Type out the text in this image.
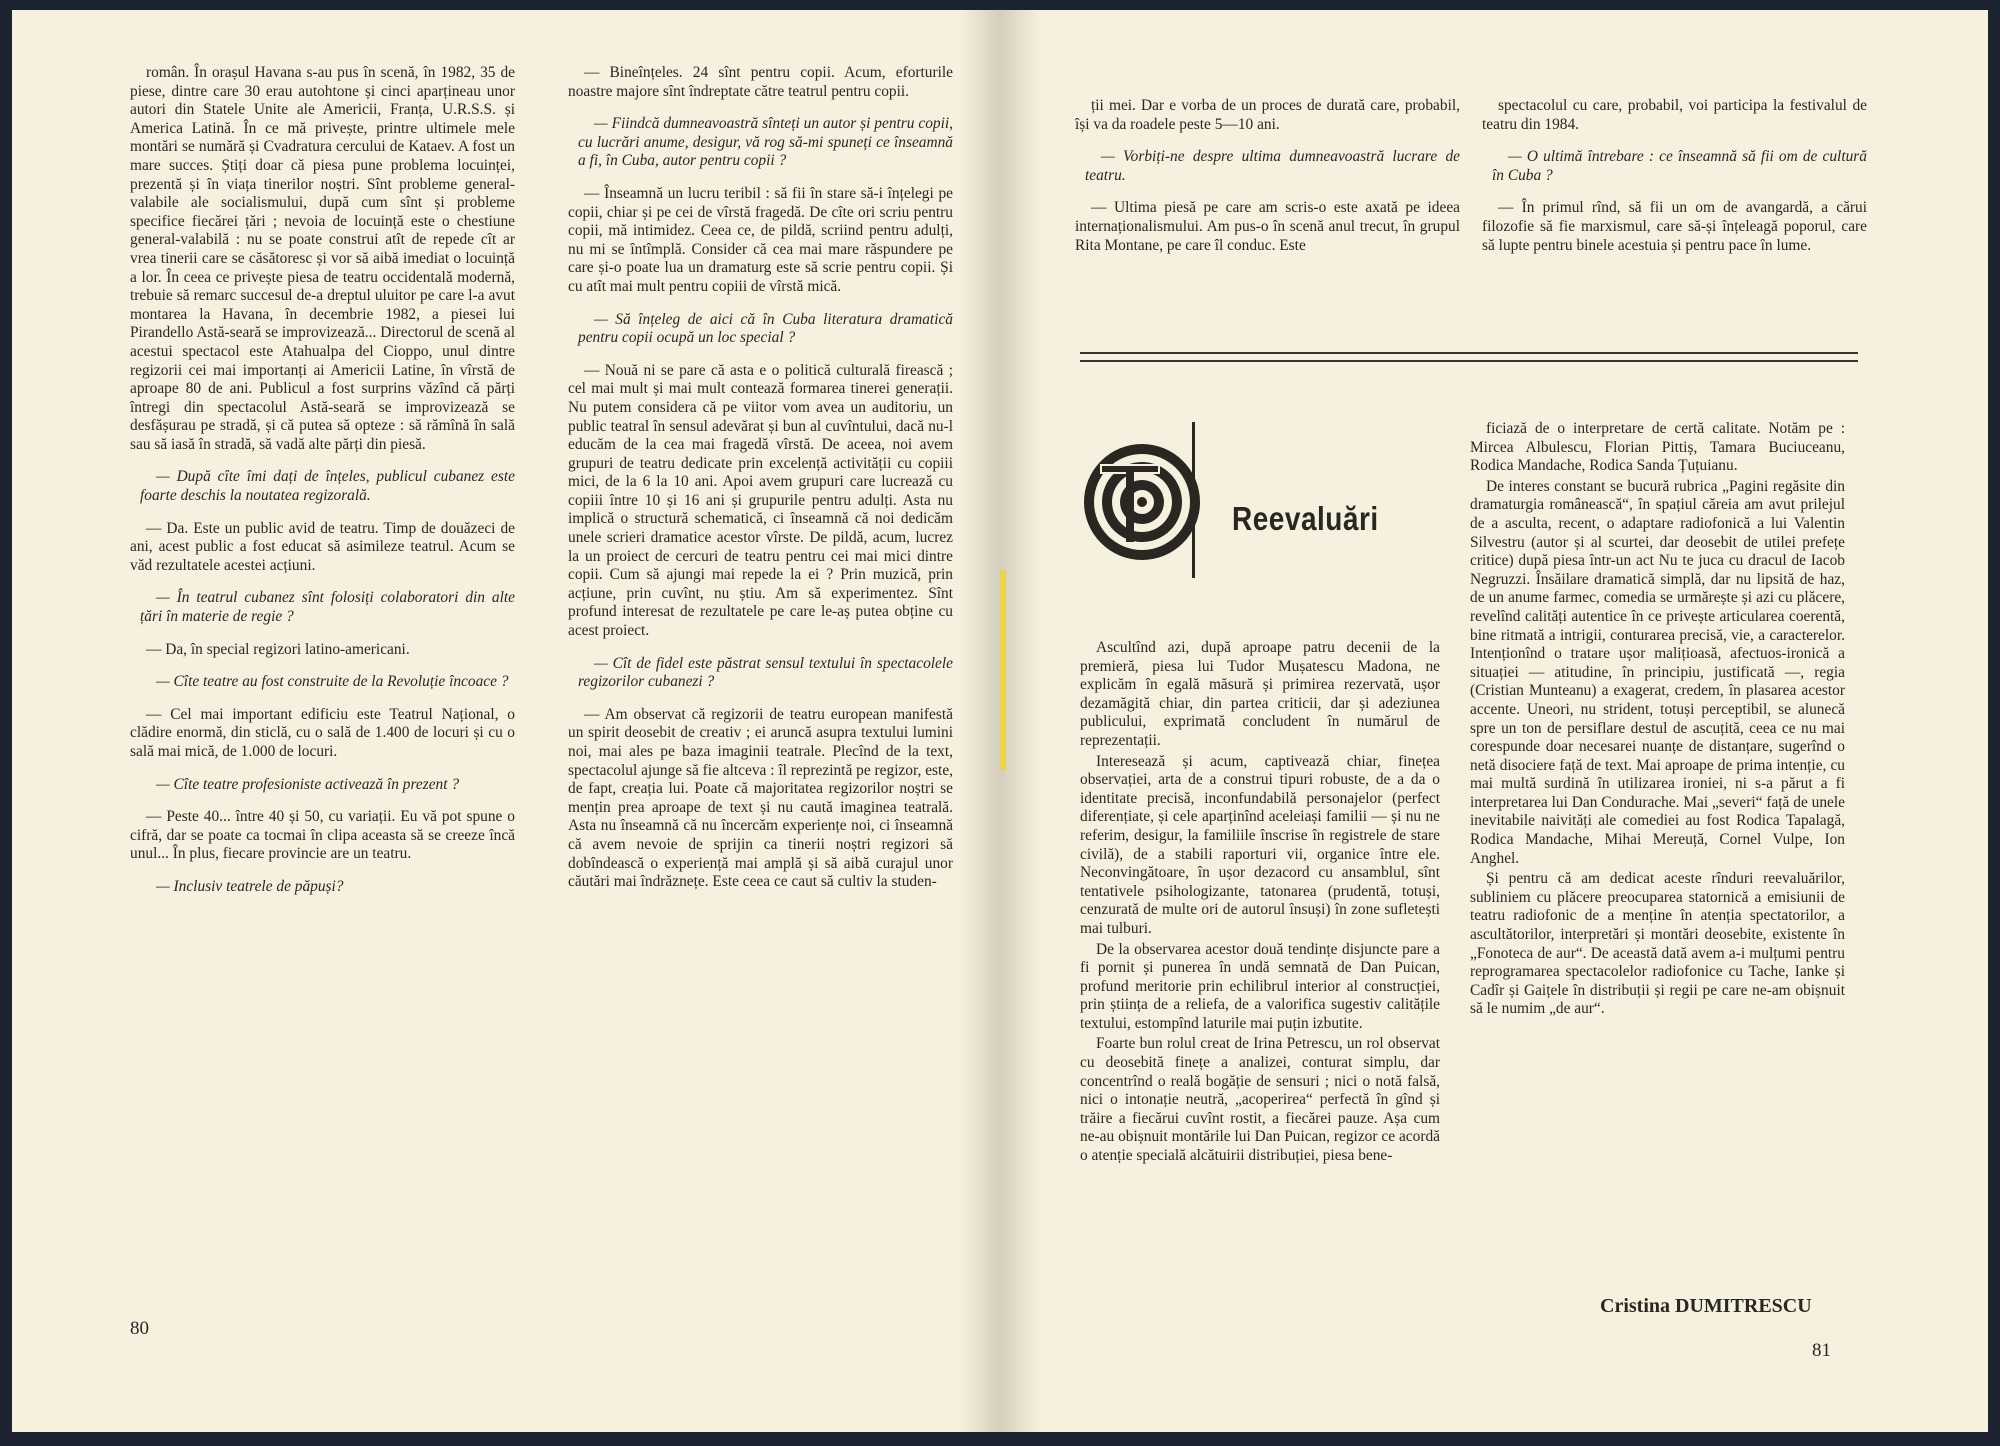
român. În orașul Havana s-au pus în scenă, în 1982, 35 de piese, dintre care 30 erau autohtone și cinci aparțineau unor autori din Statele Unite ale Americii, Franța, U.R.S.S. și America Latină. În ce mă privește, printre ultimele mele montări se numără și Cvadratura cercului de Kataev. A fost un mare succes. Știți doar că piesa pune problema locuinței, prezentă și în viața tinerilor noștri. Sînt probleme general-valabile ale socialismului, după cum sînt și probleme specifice fiecărei țări ; nevoia de locuință este o chestiune general-valabilă : nu se poate construi atît de repede cît ar vrea tinerii care se căsătoresc și vor să aibă imediat o locuință a lor. În ceea ce privește piesa de teatru occidentală modernă, trebuie să remarc succesul de-a dreptul uluitor pe care l-a avut montarea la Havana, în decembrie 1982, a piesei lui Pirandello Astă-seară se improvizează... Directorul de scenă al acestui spectacol este Atahualpa del Cioppo, unul dintre regizorii cei mai importanți ai Americii Latine, în vîrstă de aproape 80 de ani. Publicul a fost surprins văzînd că părți întregi din spectacolul Astă-seară se improvizează se desfășurau pe stradă, și că putea să opteze : să rămînă în sală sau să iasă în stradă, să vadă alte părți din piesă.

— După cîte îmi dați de înțeles, publicul cubanez este foarte deschis la noutatea regizorală.

— Da. Este un public avid de teatru. Timp de douăzeci de ani, acest public a fost educat să asimileze teatrul. Acum se văd rezultatele acestei acțiuni.

— În teatrul cubanez sînt folosiți colaboratori din alte țări în materie de regie ?

— Da, în special regizori latino-americani.

— Cîte teatre au fost construite de la Revoluție încoace ?

— Cel mai important edificiu este Teatrul Național, o clădire enormă, din sticlă, cu o sală de 1.400 de locuri și cu o sală mai mică, de 1.000 de locuri.

— Cîte teatre profesioniste activează în prezent ?

— Peste 40... între 40 și 50, cu variații. Eu vă pot spune o cifră, dar se poate ca tocmai în clipa aceasta să se creeze încă unul... În plus, fiecare provincie are un teatru.

— Inclusiv teatrele de păpuși?

— Bineînțeles. 24 sînt pentru copii. Acum, eforturile noastre majore sînt îndreptate către teatrul pentru copii.

— Fiindcă dumneavoastră sînteți un autor și pentru copii, cu lucrări anume, desigur, vă rog să-mi spuneți ce înseamnă a fi, în Cuba, autor pentru copii ?

— Înseamnă un lucru teribil : să fii în stare să-i înțelegi pe copii, chiar și pe cei de vîrstă fragedă. De cîte ori scriu pentru copii, mă intimidez. Ceea ce, de pildă, scriind pentru adulți, nu mi se întîmplă. Consider că cea mai mare răspundere pe care și-o poate lua un dramaturg este să scrie pentru copii. Și cu atît mai mult pentru copiii de vîrstă mică.

— Să înțeleg de aici că în Cuba literatura dramatică pentru copii ocupă un loc special ?

— Nouă ni se pare că asta e o politică culturală firească ; cel mai mult și mai mult contează formarea tinerei generații. Nu putem considera că pe viitor vom avea un auditoriu, un public teatral în sensul adevărat și bun al cuvîntului, dacă nu-l educăm de la cea mai fragedă vîrstă. De aceea, noi avem grupuri de teatru dedicate prin excelență activității cu copiii mici, de la 6 la 10 ani. Apoi avem grupuri care lucrează cu copiii între 10 și 16 ani și grupurile pentru adulți. Asta nu implică o structură schematică, ci înseamnă că noi dedicăm unele scrieri dramatice acestor vîrste. De pildă, acum, lucrez la un proiect de cercuri de teatru pentru cei mai mici dintre copii. Cum să ajungi mai repede la ei ? Prin muzică, prin acțiune, prin cuvînt, nu știu. Am să experimentez. Sînt profund interesat de rezultatele pe care le-aș putea obține cu acest proiect.

— Cît de fidel este păstrat sensul textului în spectacolele regizorilor cubanezi ?

— Am observat că regizorii de teatru european manifestă un spirit deosebit de creativ ; ei aruncă asupra textului lumini noi, mai ales pe baza imaginii teatrale. Plecînd de la text, spectacolul ajunge să fie altceva : îl reprezintă pe regizor, este, de fapt, creația lui. Poate că majoritatea regizorilor noștri se mențin prea aproape de text și nu caută imaginea teatrală. Asta nu înseamnă că nu încercăm experiențe noi, ci înseamnă că avem nevoie de sprijin ca tinerii noștri regizori să dobîndească o experiență mai amplă și să aibă curajul unor căutări mai îndrăznețe. Este ceea ce caut să cultiv la studen-

80

ții mei. Dar e vorba de un proces de durată care, probabil, își va da roadele peste 5—10 ani.

— Vorbiți-ne despre ultima dumneavoastră lucrare de teatru.

— Ultima piesă pe care am scris-o este axată pe ideea internaționalismului. Am pus-o în scenă anul trecut, în grupul Rita Montane, pe care îl conduc. Este

spectacolul cu care, probabil, voi participa la festivalul de teatru din 1984.

— O ultimă întrebare : ce înseamnă să fii om de cultură în Cuba ?

— În primul rînd, să fii un om de avangardă, a cărui filozofie să fie marxismul, care să-și înțeleagă poporul, care să lupte pentru binele acestuia și pentru pace în lume.

Reevaluări

Ascultînd azi, după aproape patru decenii de la premieră, piesa lui Tudor Mușatescu Madona, ne explicăm în egală măsură și primirea rezervată, ușor dezamăgită chiar, din partea criticii, dar și adeziunea publicului, exprimată concludent în numărul de reprezentații.

Interesează și acum, captivează chiar, finețea observației, arta de a construi tipuri robuste, de a da o identitate precisă, inconfundabilă personajelor (perfect diferențiate, și cele aparținînd aceleiași familii — și nu ne referim, desigur, la familiile înscrise în registrele de stare civilă), de a stabili raporturi vii, organice între ele. Neconvingătoare, în ușor dezacord cu ansamblul, sînt tentativele psihologizante, tatonarea (prudentă, totuși, cenzurată de multe ori de autorul însuși) în zone sufletești mai tulburi.

De la observarea acestor două tendințe disjuncte pare a fi pornit și punerea în undă semnată de Dan Puican, profund meritorie prin echilibrul interior al construcției, prin știința de a reliefa, de a valorifica sugestiv calitățile textului, estompînd laturile mai puțin izbutite.

Foarte bun rolul creat de Irina Petrescu, un rol observat cu deosebită finețe a analizei, conturat simplu, dar concentrînd o reală bogăție de sensuri ; nici o notă falsă, nici o intonație neutră, „acoperirea“ perfectă în gînd și trăire a fiecărui cuvînt rostit, a fiecărei pauze. Așa cum ne-au obișnuit montările lui Dan Puican, regizor ce acordă o atenție specială alcătuirii distribuției, piesa bene-

ficiază de o interpretare de certă calitate. Notăm pe : Mircea Albulescu, Florian Pittiș, Tamara Buciuceanu, Rodica Mandache, Rodica Sanda Țuțuianu.

De interes constant se bucură rubrica „Pagini regăsite din dramaturgia românească“, în spațiul căreia am avut prilejul de a asculta, recent, o adaptare radiofonică a lui Valentin Silvestru (autor și al scurtei, dar deosebit de utilei prefețe critice) după piesa într-un act Nu te juca cu dracul de Iacob Negruzzi. Însăilare dramatică simplă, dar nu lipsită de haz, de un anume farmec, comedia se urmărește și azi cu plăcere, revelînd calități autentice în ce privește articularea coerentă, bine ritmată a intrigii, conturarea precisă, vie, a caracterelor. Intenționînd o tratare ușor malițioasă, afectuos-ironică a situației — atitudine, în principiu, justificată —, regia (Cristian Munteanu) a exagerat, credem, în plasarea acestor accente. Uneori, nu strident, totuși perceptibil, se alunecă spre un ton de persiflare destul de ascuțită, ceea ce nu mai corespunde doar necesarei nuanțe de distanțare, sugerînd o netă disociere față de text. Mai aproape de prima intenție, cu mai multă surdină în utilizarea ironiei, ni s-a părut a fi interpretarea lui Dan Condurache. Mai „severi“ față de unele inevitabile naivități ale comediei au fost Rodica Tapalagă, Rodica Mandache, Mihai Mereuță, Cornel Vulpe, Ion Anghel.

Și pentru că am dedicat aceste rînduri reevaluărilor, subliniem cu plăcere preocuparea statornică a emisiunii de teatru radiofonic de a menține în atenția spectatorilor, a ascultătorilor, interpretări și montări deosebite, existente în „Fonoteca de aur“. De această dată avem a-i mulțumi pentru reprogramarea spectacolelor radiofonice cu Tache, Ianke și Cadîr și Gaițele în distribuții și regii pe care ne-am obișnuit să le numim „de aur“.

Cristina DUMITRESCU
81
